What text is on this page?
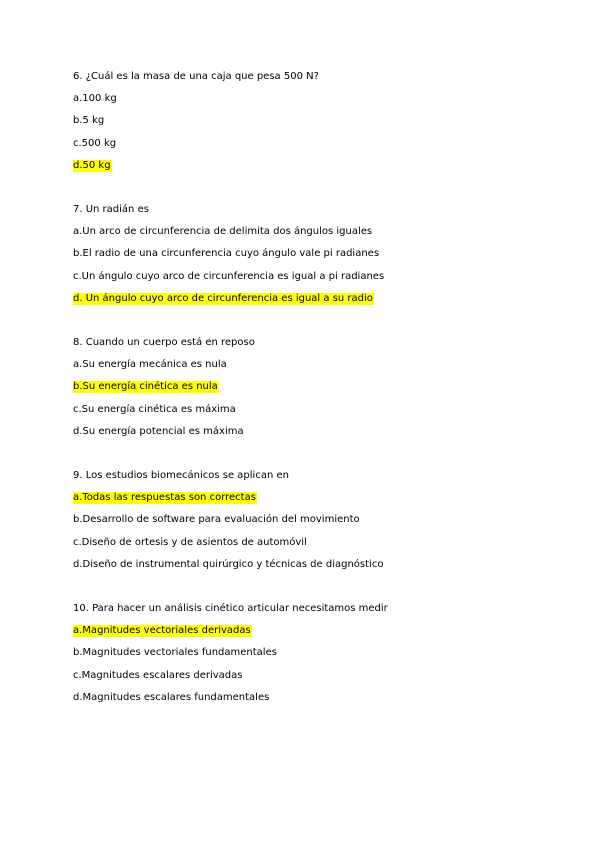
6. ¿Cuál es la masa de una caja que pesa 500 N?
a.100 kg
b.5 kg
c.500 kg
d.50 kg
7. Un radián es
a.Un arco de circunferencia de delimita dos ángulos iguales
b.El radio de una circunferencia cuyo ángulo vale pi radianes
c.Un ángulo cuyo arco de circunferencia es igual a pi radianes
d. Un ángulo cuyo arco de circunferencia es igual a su radio
8. Cuando un cuerpo está en reposo
a.Su energía mecánica es nula
b.Su energía cinética es nula
c.Su energía cinética es máxima
d.Su energía potencial es máxima
9. Los estudios biomecánicos se aplican en
a.Todas las respuestas son correctas
b.Desarrollo de software para evaluación del movimiento
c.Diseño de ortesis y de asientos de automóvil
d.Diseño de instrumental quirúrgico y técnicas de diagnóstico
10. Para hacer un análisis cinético articular necesitamos medir
a.Magnitudes vectoriales derivadas
b.Magnitudes vectoriales fundamentales
c.Magnitudes escalares derivadas
d.Magnitudes escalares fundamentales
